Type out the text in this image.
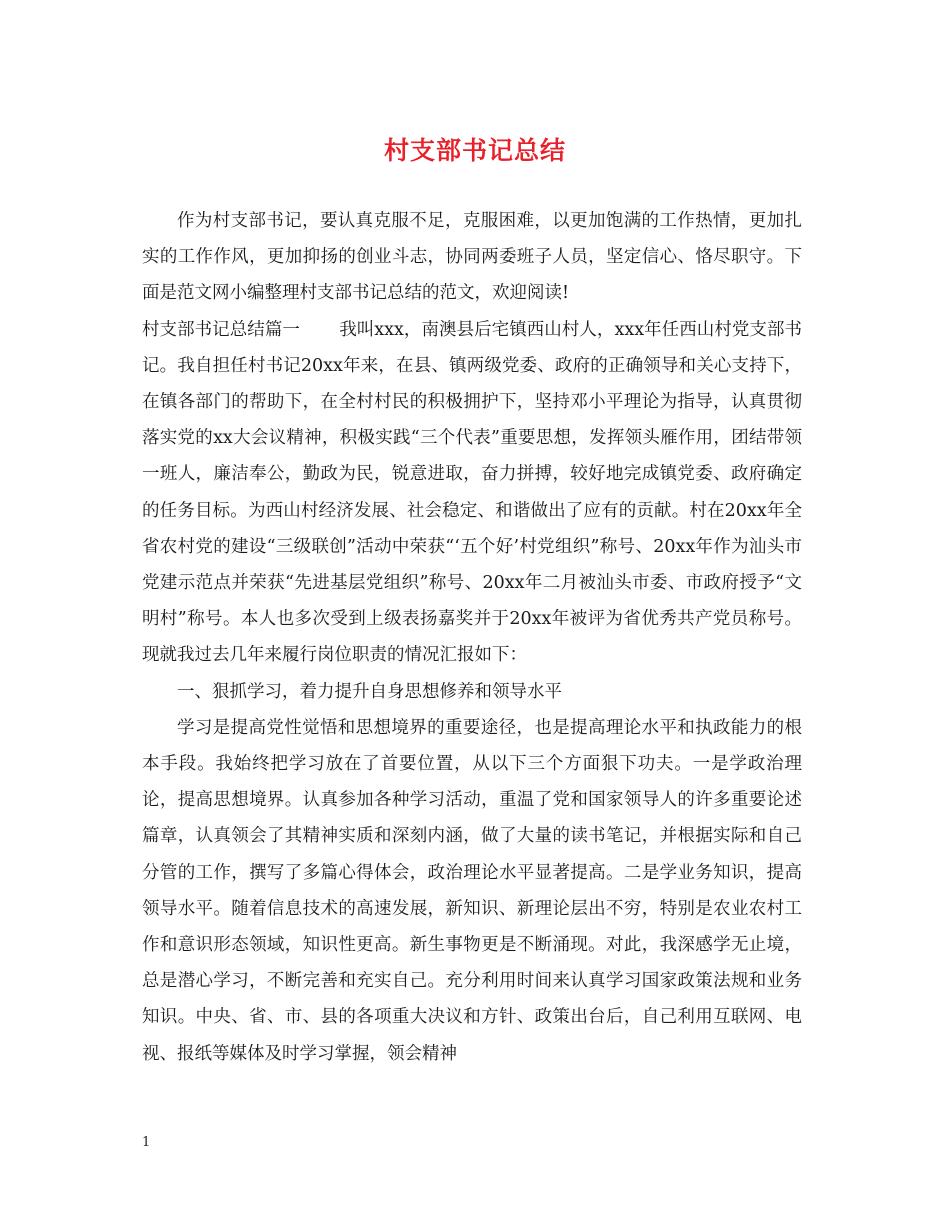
村支部书记总结

作为村支部书记，要认真克服不足，克服困难，以更加饱满的工作热情，更加扎实的工作作风，更加抑扬的创业斗志，协同两委班子人员，坚定信心、恪尽职守。下面是范文网小编整理村支部书记总结的范文，欢迎阅读!

村支部书记总结篇一 我叫xxx，南澳县后宅镇西山村人，xxx年任西山村党支部书记。我自担任村书记20xx年来，在县、镇两级党委、政府的正确领导和关心支持下，在镇各部门的帮助下，在全村村民的积极拥护下，坚持邓小平理论为指导，认真贯彻落实党的xx大会议精神，积极实践“三个代表”重要思想，发挥领头雁作用，团结带领一班人，廉洁奉公，勤政为民，锐意进取，奋力拼搏，较好地完成镇党委、政府确定的任务目标。为西山村经济发展、社会稳定、和谐做出了应有的贡献。村在20xx年全省农村党的建设“三级联创”活动中荣获“‘五个好’村党组织”称号、20xx年作为汕头市党建示范点并荣获“先进基层党组织”称号、20xx年二月被汕头市委、市政府授予“文明村”称号。本人也多次受到上级表扬嘉奖并于20xx年被评为省优秀共产党员称号。现就我过去几年来履行岗位职责的情况汇报如下：

一、狠抓学习，着力提升自身思想修养和领导水平

学习是提高党性觉悟和思想境界的重要途径，也是提高理论水平和执政能力的根本手段。我始终把学习放在了首要位置，从以下三个方面狠下功夫。一是学政治理论，提高思想境界。认真参加各种学习活动，重温了党和国家领导人的许多重要论述篇章，认真领会了其精神实质和深刻内涵，做了大量的读书笔记，并根据实际和自己分管的工作，撰写了多篇心得体会，政治理论水平显著提高。二是学业务知识，提高领导水平。随着信息技术的高速发展，新知识、新理论层出不穷，特别是农业农村工作和意识形态领域，知识性更高。新生事物更是不断涌现。对此，我深感学无止境，总是潜心学习，不断完善和充实自己。充分利用时间来认真学习国家政策法规和业务知识。中央、省、市、县的各项重大决议和方针、政策出台后，自己利用互联网、电视、报纸等媒体及时学习掌握，领会精神

1
